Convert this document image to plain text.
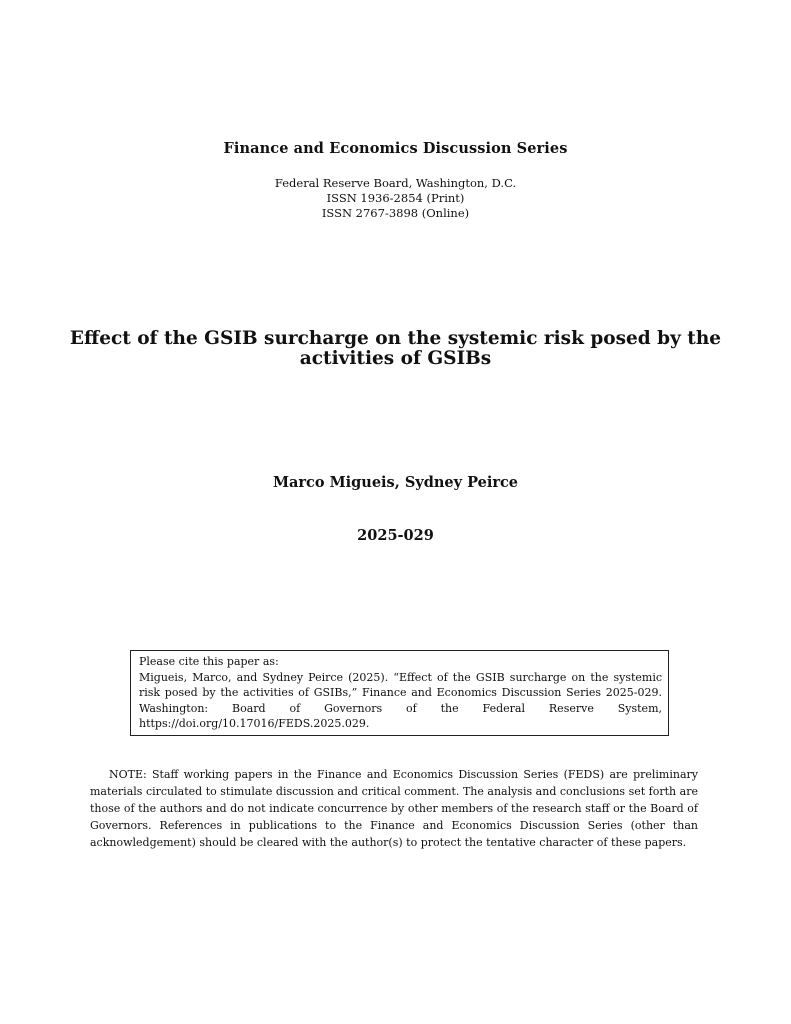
Finance and Economics Discussion Series
Federal Reserve Board, Washington, D.C.
ISSN 1936-2854 (Print)
ISSN 2767-3898 (Online)
Effect of the GSIB surcharge on the systemic risk posed by the
activities of GSIBs
Marco Migueis, Sydney Peirce
2025-029
Please cite this paper as:
Migueis, Marco, and Sydney Peirce (2025). “Effect of the GSIB surcharge on the systemic risk posed by the activities of GSIBs,” Finance and Economics Discussion Series 2025-029. Washington: Board of Governors of the Federal Reserve System, https://doi.org/10.17016/FEDS.2025.029.
NOTE: Staff working papers in the Finance and Economics Discussion Series (FEDS) are preliminary materials circulated to stimulate discussion and critical comment. The analysis and conclusions set forth are those of the authors and do not indicate concurrence by other members of the research staff or the Board of Governors. References in publications to the Finance and Economics Discussion Series (other than acknowledgement) should be cleared with the author(s) to protect the tentative character of these papers.
